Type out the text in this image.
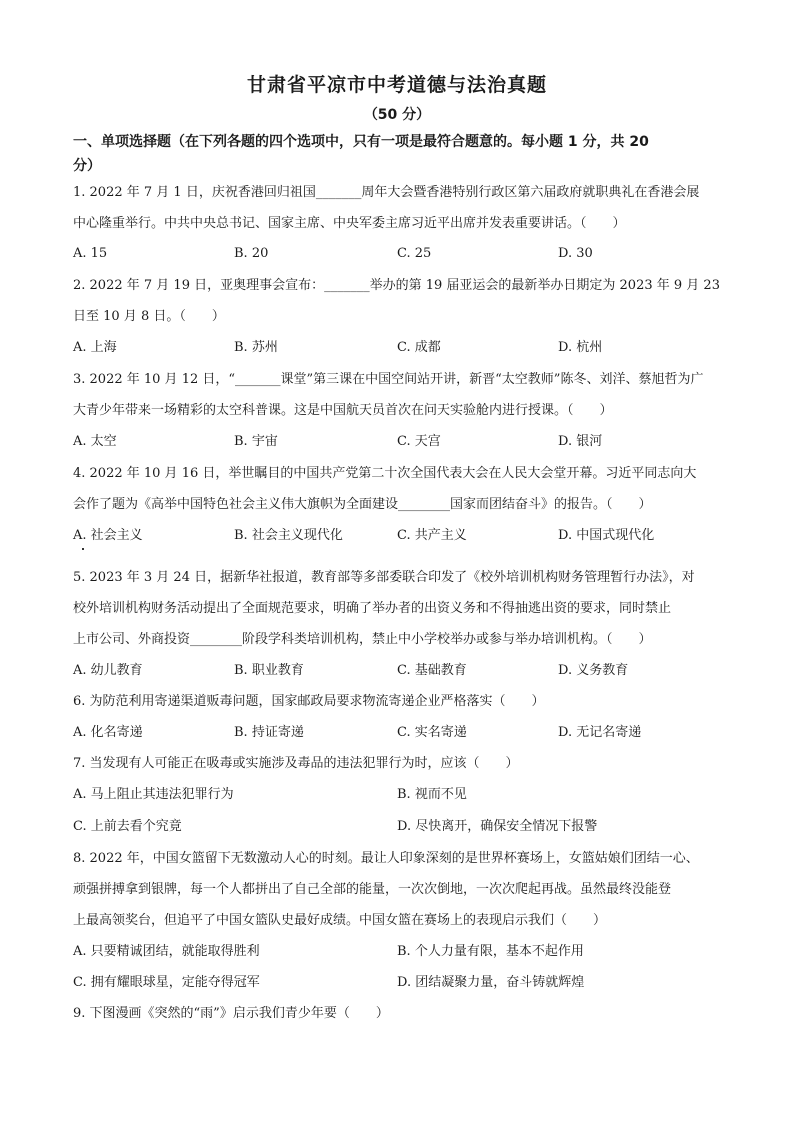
甘肃省平凉市中考道德与法治真题
（50 分）
一、单项选择题（在下列各题的四个选项中，只有一项是最符合题意的。每小题 1 分，共 20
分）
1. 2022 年 7 月 1 日，庆祝香港回归祖国_______周年大会暨香港特别行政区第六届政府就职典礼在香港会展
中心隆重举行。中共中央总书记、国家主席、中央军委主席习近平出席并发表重要讲话。（　　）
A. 15	B. 20	C. 25	D. 30
2. 2022 年 7 月 19 日，亚奥理事会宣布：_______举办的第 19 届亚运会的最新举办日期定为 2023 年 9 月 23
日至 10 月 8 日。（　　）
A. 上海	B. 苏州	C. 成都	D. 杭州
3. 2022 年 10 月 12 日，“_______课堂”第三课在中国空间站开讲，新晋“太空教师”陈冬、刘洋、蔡旭哲为广
大青少年带来一场精彩的太空科普课。这是中国航天员首次在问天实验舱内进行授课。（　　）
A. 太空	B. 宇宙	C. 天宫	D. 银河
4. 2022 年 10 月 16 日，举世瞩目的中国共产党第二十次全国代表大会在人民大会堂开幕。习近平同志向大
会作了题为《高举中国特色社会主义伟大旗帜为全面建设________国家而团结奋斗》的报告。（　　）
A. 社会主义	B. 社会主义现代化	C. 共产主义	D. 中国式现代化
5. 2023 年 3 月 24 日，据新华社报道，教育部等多部委联合印发了《校外培训机构财务管理暂行办法》，对
校外培训机构财务活动提出了全面规范要求，明确了举办者的出资义务和不得抽逃出资的要求，同时禁止
上市公司、外商投资________阶段学科类培训机构，禁止中小学校举办或参与举办培训机构。（　　）
A. 幼儿教育	B. 职业教育	C. 基础教育	D. 义务教育
6. 为防范利用寄递渠道贩毒问题，国家邮政局要求物流寄递企业严格落实（　　）
A. 化名寄递	B. 持证寄递	C. 实名寄递	D. 无记名寄递
7. 当发现有人可能正在吸毒或实施涉及毒品的违法犯罪行为时，应该（　　）
A. 马上阻止其违法犯罪行为	B. 视而不见
C. 上前去看个究竟	D. 尽快离开，确保安全情况下报警
8. 2022 年，中国女篮留下无数激动人心的时刻。最让人印象深刻的是世界杯赛场上，女篮姑娘们团结一心、
顽强拼搏拿到银牌，每一个人都拼出了自己全部的能量，一次次倒地，一次次爬起再战。虽然最终没能登
上最高领奖台，但追平了中国女篮队史最好成绩。中国女篮在赛场上的表现启示我们（　　）
A. 只要精诚团结，就能取得胜利	B. 个人力量有限，基本不起作用
C. 拥有耀眼球星，定能夺得冠军	D. 团结凝聚力量，奋斗铸就辉煌
9. 下图漫画《突然的“雨”》启示我们青少年要（　　）
